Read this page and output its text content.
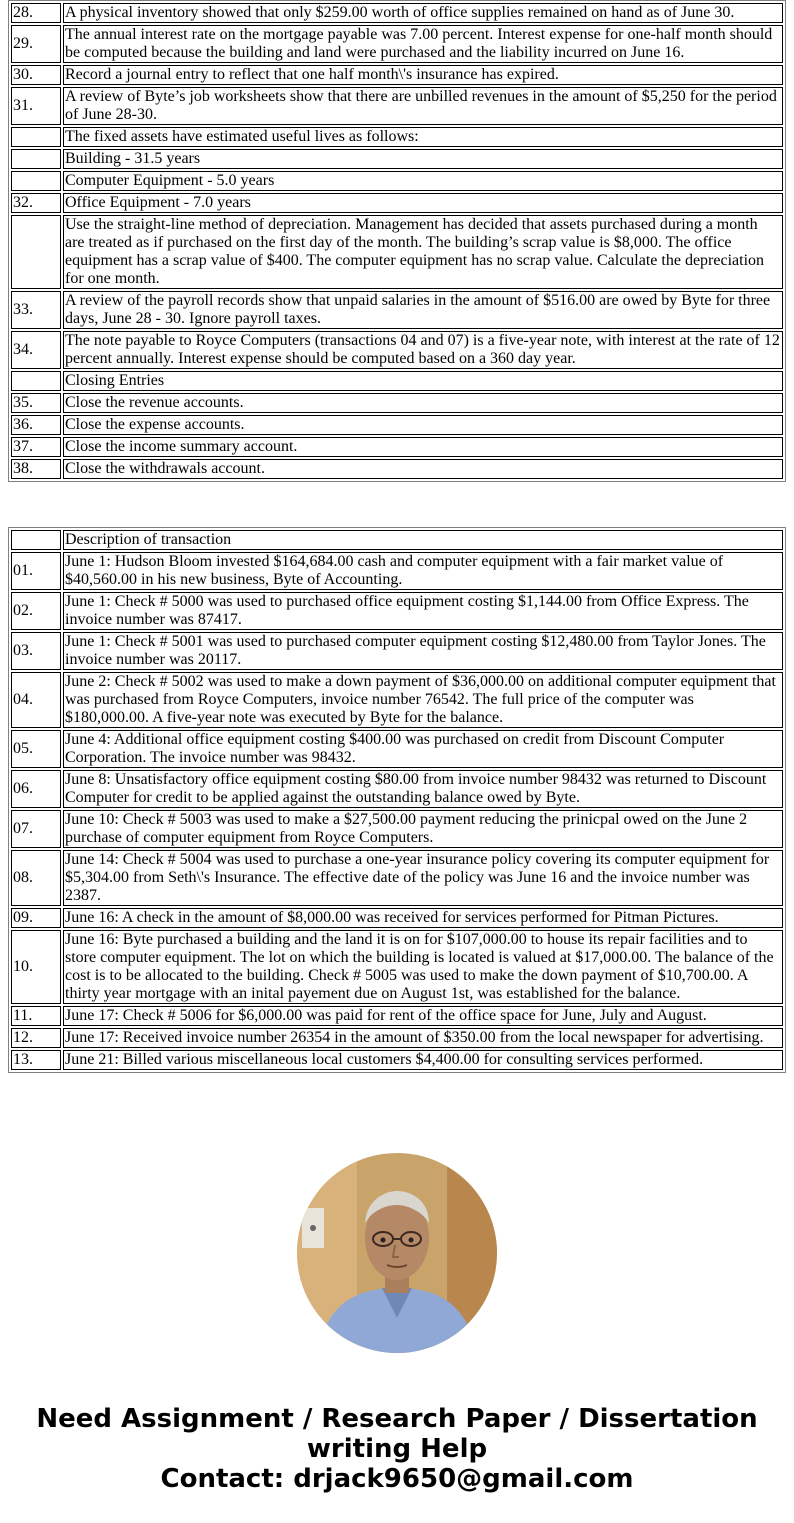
28.	A physical inventory showed that only $259.00 worth of office supplies remained on hand as of June 30.
29.	The annual interest rate on the mortgage payable was 7.00 percent. Interest expense for one-half month should be computed because the building and land were purchased and the liability incurred on June 16.
30.	Record a journal entry to reflect that one half month\'s insurance has expired.
31.	A review of Byte’s job worksheets show that there are unbilled revenues in the amount of $5,250 for the period of June 28-30.
	The fixed assets have estimated useful lives as follows:
	Building - 31.5 years
	Computer Equipment - 5.0 years
32.	Office Equipment - 7.0 years
	Use the straight-line method of depreciation. Management has decided that assets purchased during a month are treated as if purchased on the first day of the month. The building’s scrap value is $8,000. The office equipment has a scrap value of $400. The computer equipment has no scrap value. Calculate the depreciation for one month.
33.	A review of the payroll records show that unpaid salaries in the amount of $516.00 are owed by Byte for three days, June 28 - 30. Ignore payroll taxes.
34.	The note payable to Royce Computers (transactions 04 and 07) is a five-year note, with interest at the rate of 12 percent annually. Interest expense should be computed based on a 360 day year.
	Closing Entries
35.	Close the revenue accounts.
36.	Close the expense accounts.
37.	Close the income summary account.
38.	Close the withdrawals account.
	Description of transaction
01.	June 1: Hudson Bloom invested $164,684.00 cash and computer equipment with a fair market value of $40,560.00 in his new business, Byte of Accounting.
02.	June 1: Check # 5000 was used to purchased office equipment costing $1,144.00 from Office Express. The invoice number was 87417.
03.	June 1: Check # 5001 was used to purchased computer equipment costing $12,480.00 from Taylor Jones. The invoice number was 20117.
04.	June 2: Check # 5002 was used to make a down payment of $36,000.00 on additional computer equipment that was purchased from Royce Computers, invoice number 76542. The full price of the computer was $180,000.00. A five-year note was executed by Byte for the balance.
05.	June 4: Additional office equipment costing $400.00 was purchased on credit from Discount Computer Corporation. The invoice number was 98432.
06.	June 8: Unsatisfactory office equipment costing $80.00 from invoice number 98432 was returned to Discount Computer for credit to be applied against the outstanding balance owed by Byte.
07.	June 10: Check # 5003 was used to make a $27,500.00 payment reducing the prinicpal owed on the June 2 purchase of computer equipment from Royce Computers.
08.	June 14: Check # 5004 was used to purchase a one-year insurance policy covering its computer equipment for $5,304.00 from Seth\'s Insurance. The effective date of the policy was June 16 and the invoice number was 2387.
09.	June 16: A check in the amount of $8,000.00 was received for services performed for Pitman Pictures.
10.	June 16: Byte purchased a building and the land it is on for $107,000.00 to house its repair facilities and to store computer equipment. The lot on which the building is located is valued at $17,000.00. The balance of the cost is to be allocated to the building. Check # 5005 was used to make the down payment of $10,700.00. A thirty year mortgage with an inital payement due on August 1st, was established for the balance.
11.	June 17: Check # 5006 for $6,000.00 was paid for rent of the office space for June, July and August.
12.	June 17: Received invoice number 26354 in the amount of $350.00 from the local newspaper for advertising.
13.	June 21: Billed various miscellaneous local customers $4,400.00 for consulting services performed.
Need Assignment / Research Paper / Dissertation
writing Help
Contact: drjack9650@gmail.com
